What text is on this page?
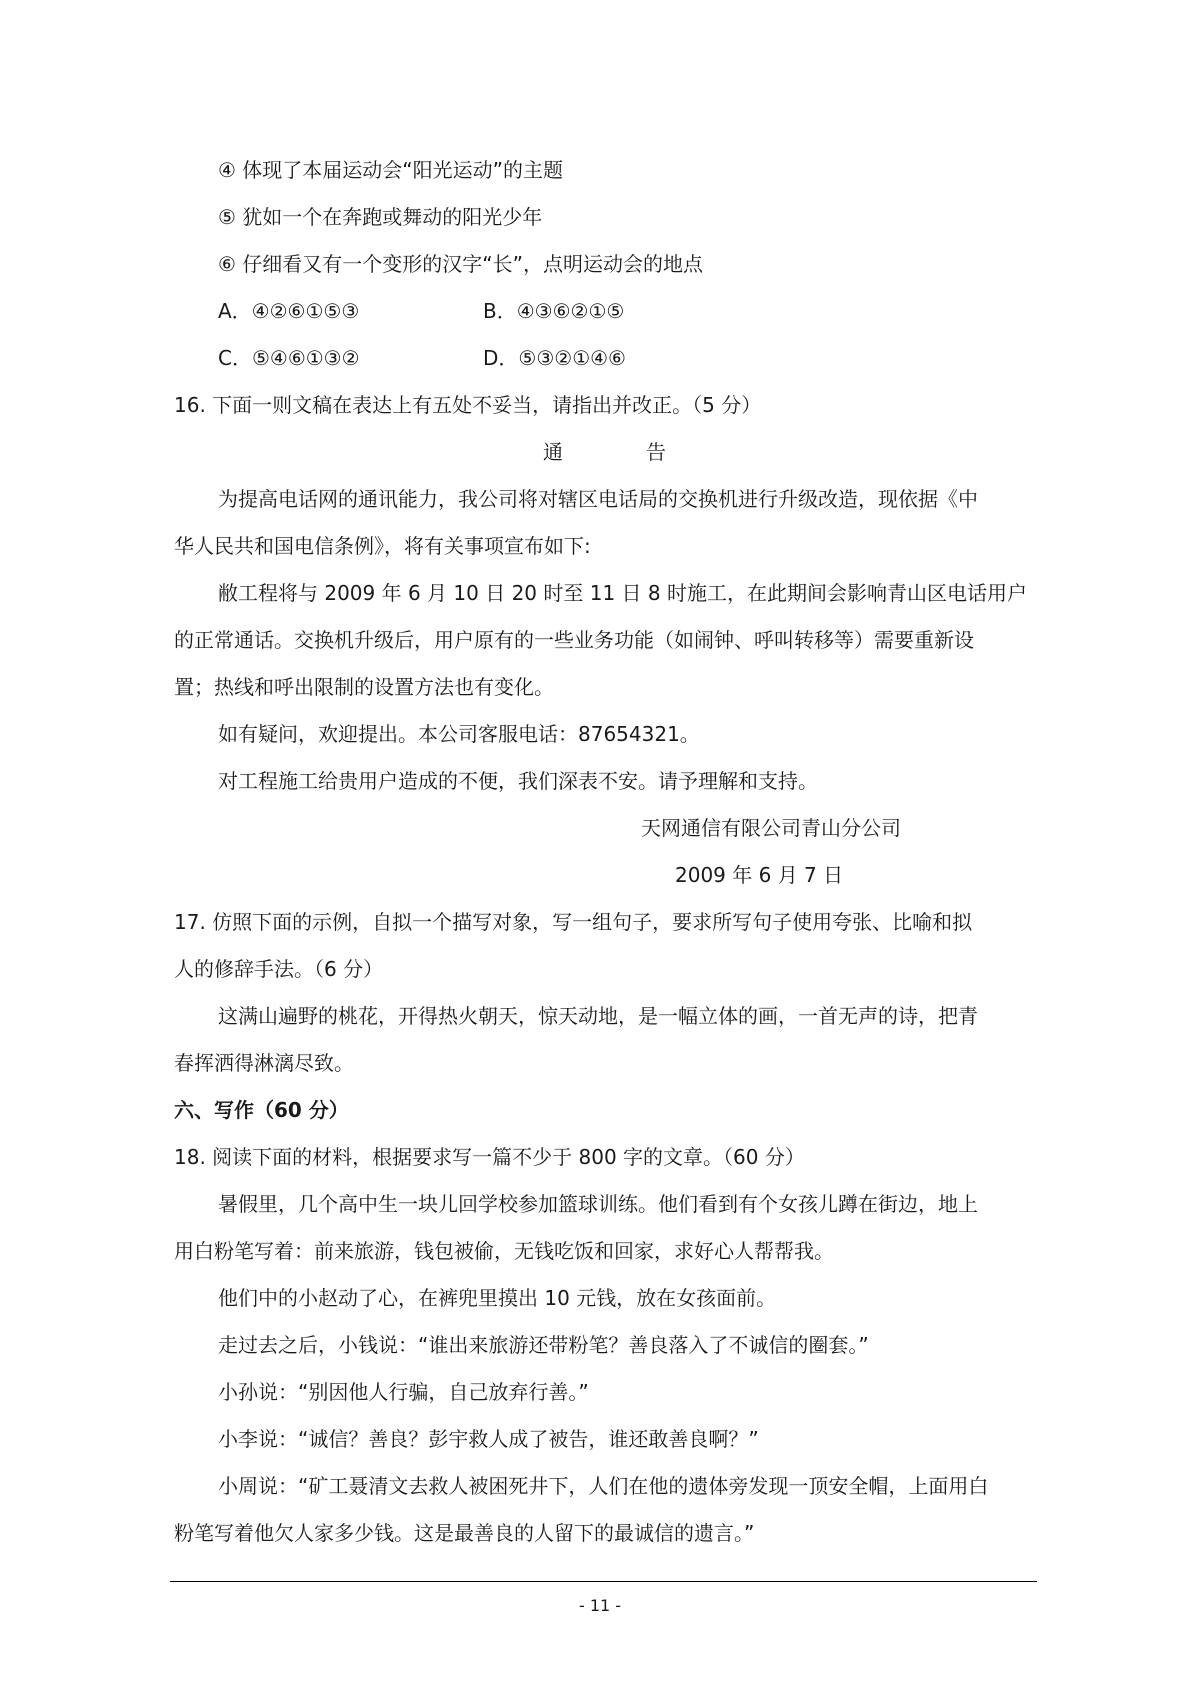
④ 体现了本届运动会“阳光运动”的主题
⑤ 犹如一个在奔跑或舞动的阳光少年
⑥ 仔细看又有一个变形的汉字“长”，点明运动会的地点
A．④②⑥①⑤③	B．④③⑥②①⑤
C．⑤④⑥①③②	D．⑤③②①④⑥
16. 下面一则文稿在表达上有五处不妥当，请指出并改正。（5 分）
通	告
为提高电话网的通讯能力，我公司将对辖区电话局的交换机进行升级改造，现依据《中
华人民共和国电信条例》，将有关事项宣布如下:
敝工程将与 2009 年 6 月 10 日 20 时至 11 日 8 时施工，在此期间会影响青山区电话用户
的正常通话。交换机升级后，用户原有的一些业务功能（如闹钟、呼叫转移等）需要重新设
置；热线和呼出限制的设置方法也有变化。
如有疑问，欢迎提出。本公司客服电话：87654321。
对工程施工给贵用户造成的不便，我们深表不安。请予理解和支持。
天网通信有限公司青山分公司
2009 年 6 月 7 日
17. 仿照下面的示例，自拟一个描写对象，写一组句子，要求所写句子使用夸张、比喻和拟
人的修辞手法。（6 分）
这满山遍野的桃花，开得热火朝天，惊天动地，是一幅立体的画，一首无声的诗，把青
春挥洒得淋漓尽致。
六、写作（60 分）
18. 阅读下面的材料，根据要求写一篇不少于 800 字的文章。（60 分）
暑假里，几个高中生一块儿回学校参加篮球训练。他们看到有个女孩儿蹲在街边，地上
用白粉笔写着：前来旅游，钱包被偷，无钱吃饭和回家，求好心人帮帮我。
他们中的小赵动了心，在裤兜里摸出 10 元钱，放在女孩面前。
走过去之后，小钱说：“谁出来旅游还带粉笔？善良落入了不诚信的圈套。”
小孙说：“别因他人行骗，自己放弃行善。”
小李说：“诚信？善良？彭宇救人成了被告，谁还敢善良啊？”
小周说：“矿工聂清文去救人被困死井下，人们在他的遗体旁发现一顶安全帽，上面用白
粉笔写着他欠人家多少钱。这是最善良的人留下的最诚信的遗言。”
- 11 -
